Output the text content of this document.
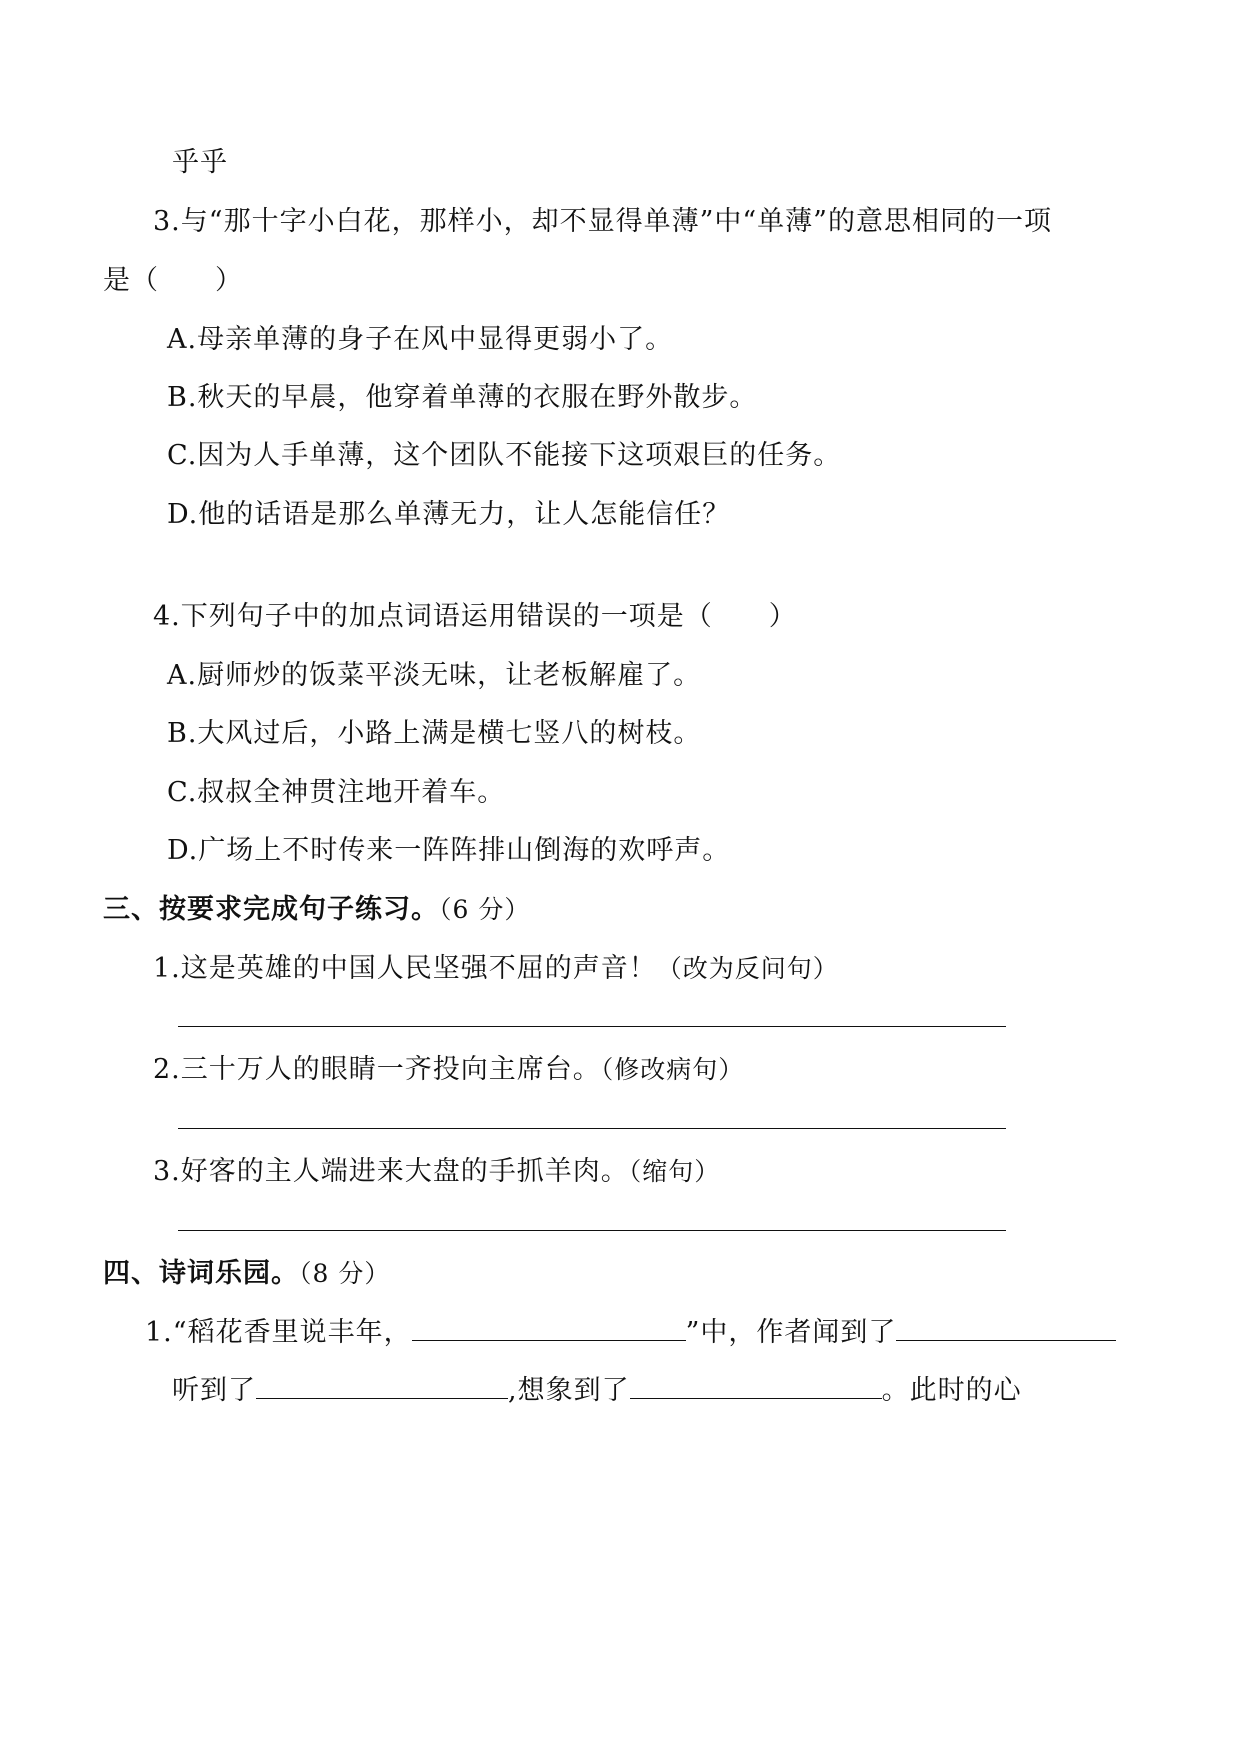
乎乎
3.与“那十字小白花，那样小，却不显得单薄”中“单薄”的意思相同的一项
是（　　）
A.母亲单薄的身子在风中显得更弱小了。
B.秋天的早晨，他穿着单薄的衣服在野外散步。
C.因为人手单薄，这个团队不能接下这项艰巨的任务。
D.他的话语是那么单薄无力，让人怎能信任？
4.下列句子中的加点词语运用错误的一项是（　　）
A.厨师炒的饭菜平淡无味，让老板解雇了。
B.大风过后，小路上满是横七竖八的树枝。
C.叔叔全神贯注地开着车。
D.广场上不时传来一阵阵排山倒海的欢呼声。
三、按要求完成句子练习。（6 分）
1.这是英雄的中国人民坚强不屈的声音！（改为反问句）
2.三十万人的眼睛一齐投向主席台。（修改病句）
3.好客的主人端进来大盘的手抓羊肉。（缩句）
四、诗词乐园。（8 分）
1.“稻花香里说丰年，	”中，作者闻到了
听到了	,想象到了	。此时的心
